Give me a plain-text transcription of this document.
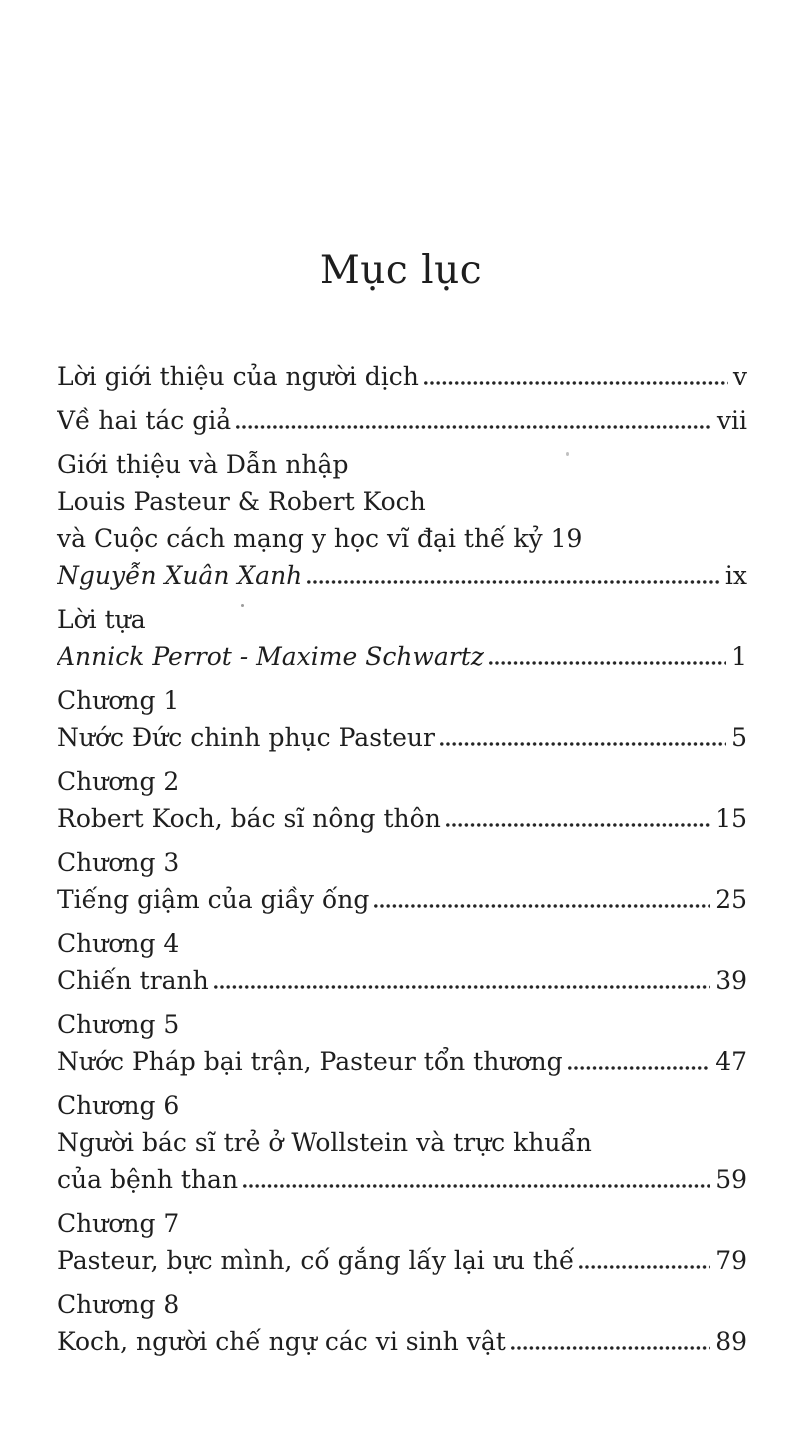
Mục lục
Lời giới thiệu của người dịch	v
Về hai tác giả	vii
Giới thiệu và Dẫn nhập
Louis Pasteur & Robert Koch
và Cuộc cách mạng y học vĩ đại thế kỷ 19
Nguyễn Xuân Xanh	ix
Lời tựa
Annick Perrot - Maxime Schwartz	1
Chương 1
Nước Đức chinh phục Pasteur	5
Chương 2
Robert Koch, bác sĩ nông thôn	15
Chương 3
Tiếng giậm của giầy ống	25
Chương 4
Chiến tranh	39
Chương 5
Nước Pháp bại trận, Pasteur tổn thương	47
Chương 6
Người bác sĩ trẻ ở Wollstein và trực khuẩn
của bệnh than	59
Chương 7
Pasteur, bực mình, cố gắng lấy lại ưu thế	79
Chương 8
Koch, người chế ngự các vi sinh vật	89
